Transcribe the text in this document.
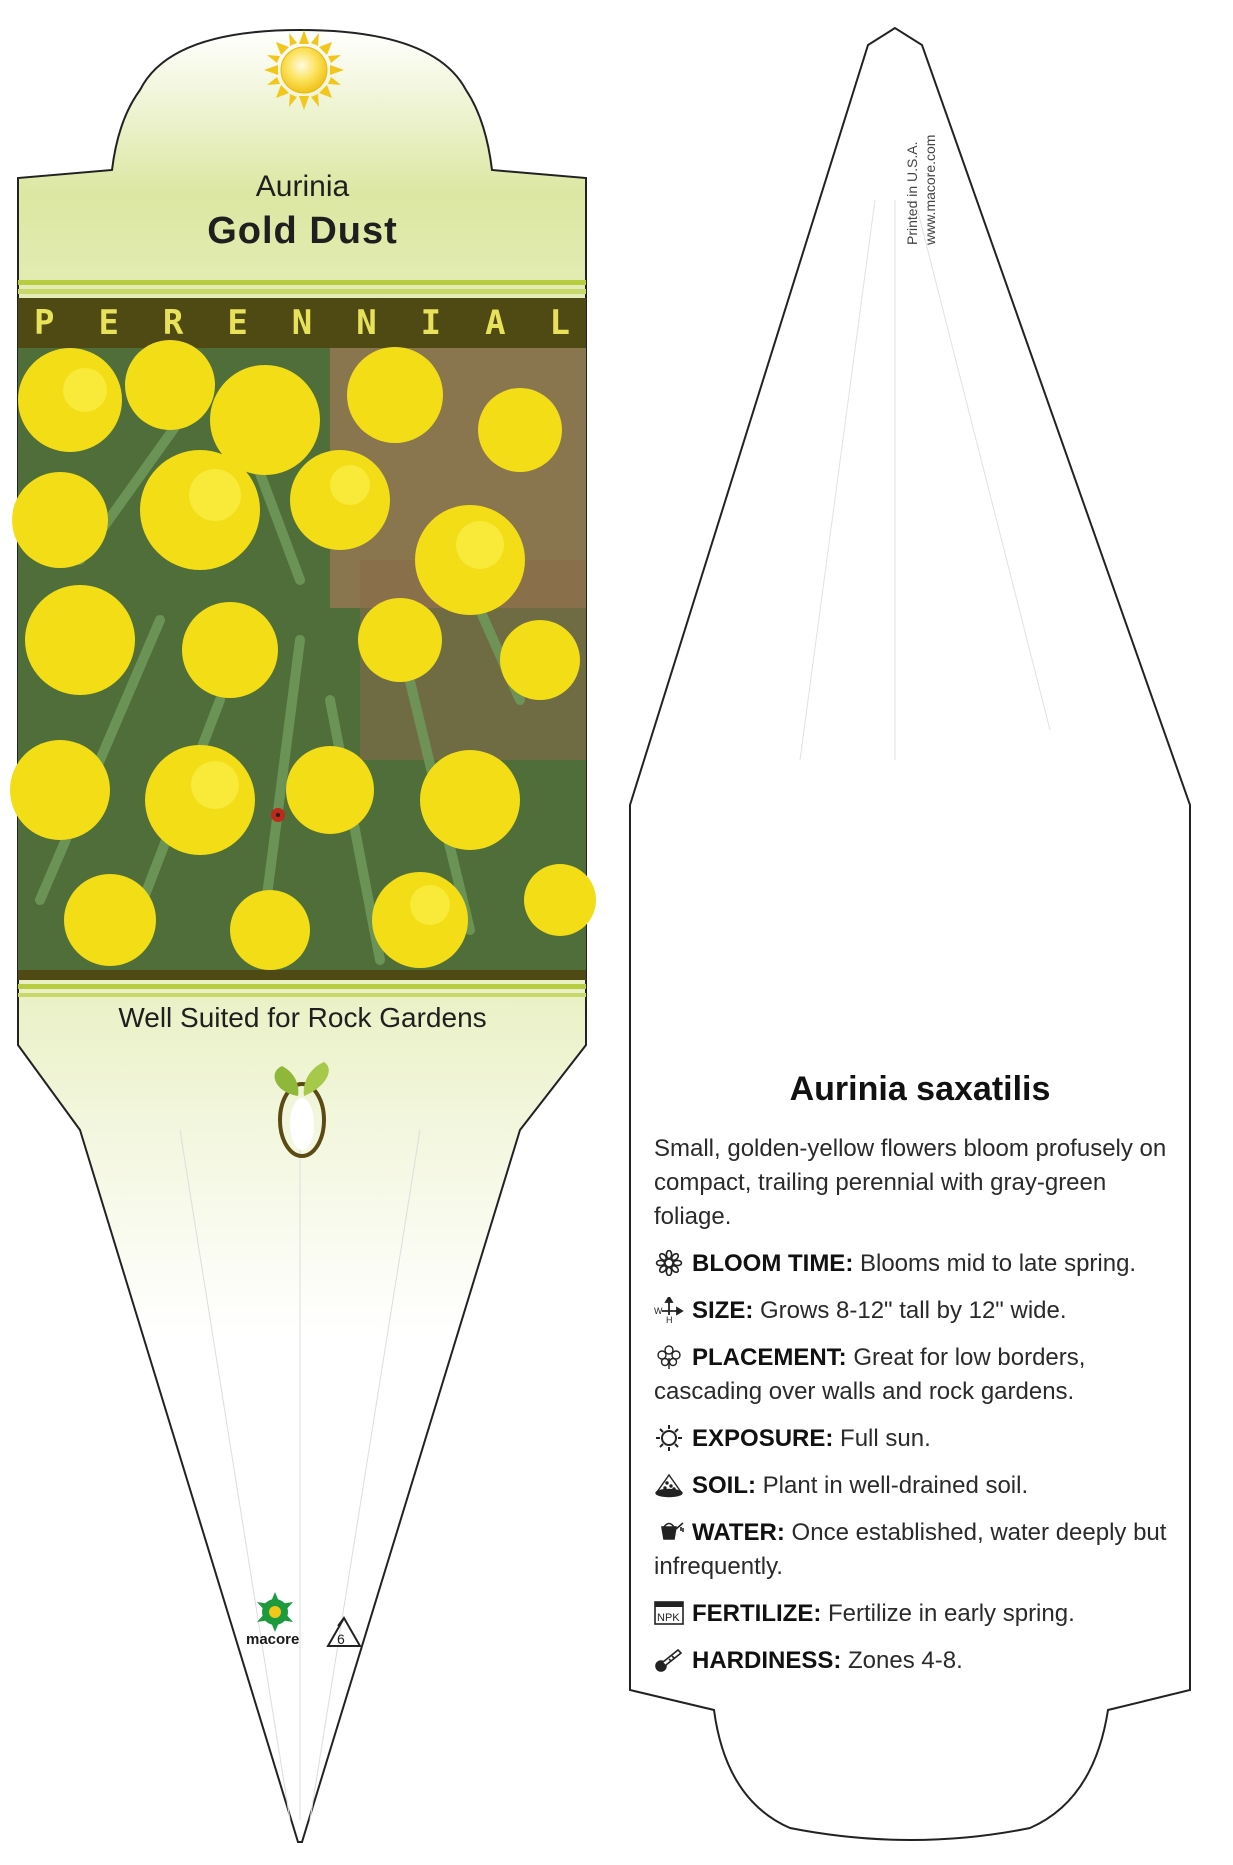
Aurinia
Gold Dust
P E R E N N I A L
Well Suited for Rock Gardens
macore	6
Printed in U.S.A. www.macore.com
Aurinia saxatilis

Small, golden-yellow flowers bloom profusely on compact, trailing perennial with gray-green foliage.

BLOOM TIME: Blooms mid to late spring.

W
H SIZE: Grows 8-12" tall by 12" wide.

PLACEMENT: Great for low borders, cascading over walls and rock gardens.

EXPOSURE: Full sun.

SOIL: Plant in well-drained soil.

WATER: Once established, water deeply but infrequently.

NPK FERTILIZE: Fertilize in early spring.

HARDINESS: Zones 4-8.
